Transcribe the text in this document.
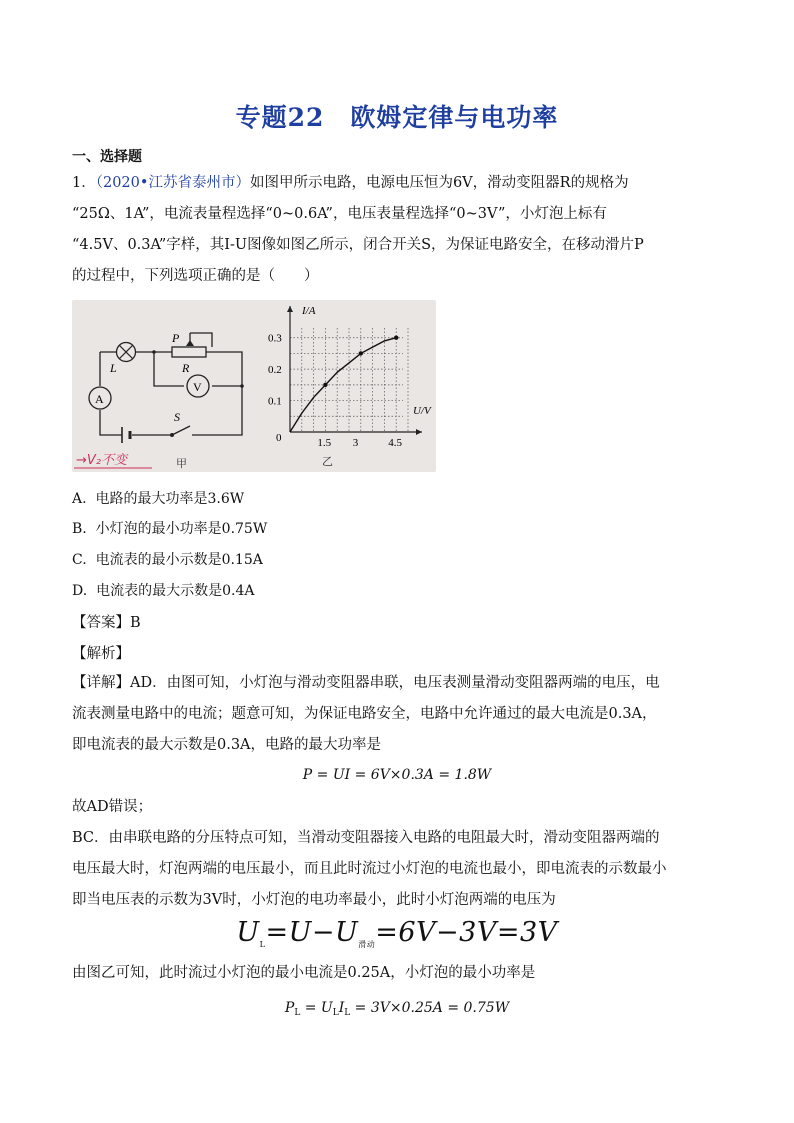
专题22　欧姆定律与电功率
一、选择题
1．（2020•江苏省泰州市）如图甲所示电路，电源电压恒为6V，滑动变阻器R的规格为
“25Ω、1A”，电流表量程选择“0~0.6A”，电压表量程选择“0~3V”，小灯泡上标有
“4.5V、0.3A”字样，其I-U图像如图乙所示，闭合开关S，为保证电路安全，在移动滑片P
的过程中，下列选项正确的是（　　）
A
V
P
R
L
S
甲
→V₂不变
1.5 3	4.5
0.1
0.2
0.3
I/A
U/V
0
乙
A. 电路的最大功率是3.6W
B. 小灯泡的最小功率是0.75W
C. 电流表的最小示数是0.15A
D. 电流表的最大示数是0.4A
【答案】B
【解析】
【详解】AD．由图可知，小灯泡与滑动变阻器串联，电压表测量滑动变阻器两端的电压，电
流表测量电路中的电流；题意可知，为保证电路安全，电路中允许通过的最大电流是0.3A，
即电流表的最大示数是0.3A，电路的最大功率是
P = UI = 6V×0.3A = 1.8W
故AD错误；
BC．由串联电路的分压特点可知，当滑动变阻器接入电路的电阻最大时，滑动变阻器两端的
电压最大时，灯泡两端的电压最小，而且此时流过小灯泡的电流也最小，即电流表的示数最小
即当电压表的示数为3V时，小灯泡的电功率最小，此时小灯泡两端的电压为
$U_L=U-U_{滑动}=6V-3V=3V$
由图乙可知，此时流过小灯泡的最小电流是0.25A，小灯泡的最小功率是
$P_L = U_LI_L = 3V\times 0.25A = 0.75W$
